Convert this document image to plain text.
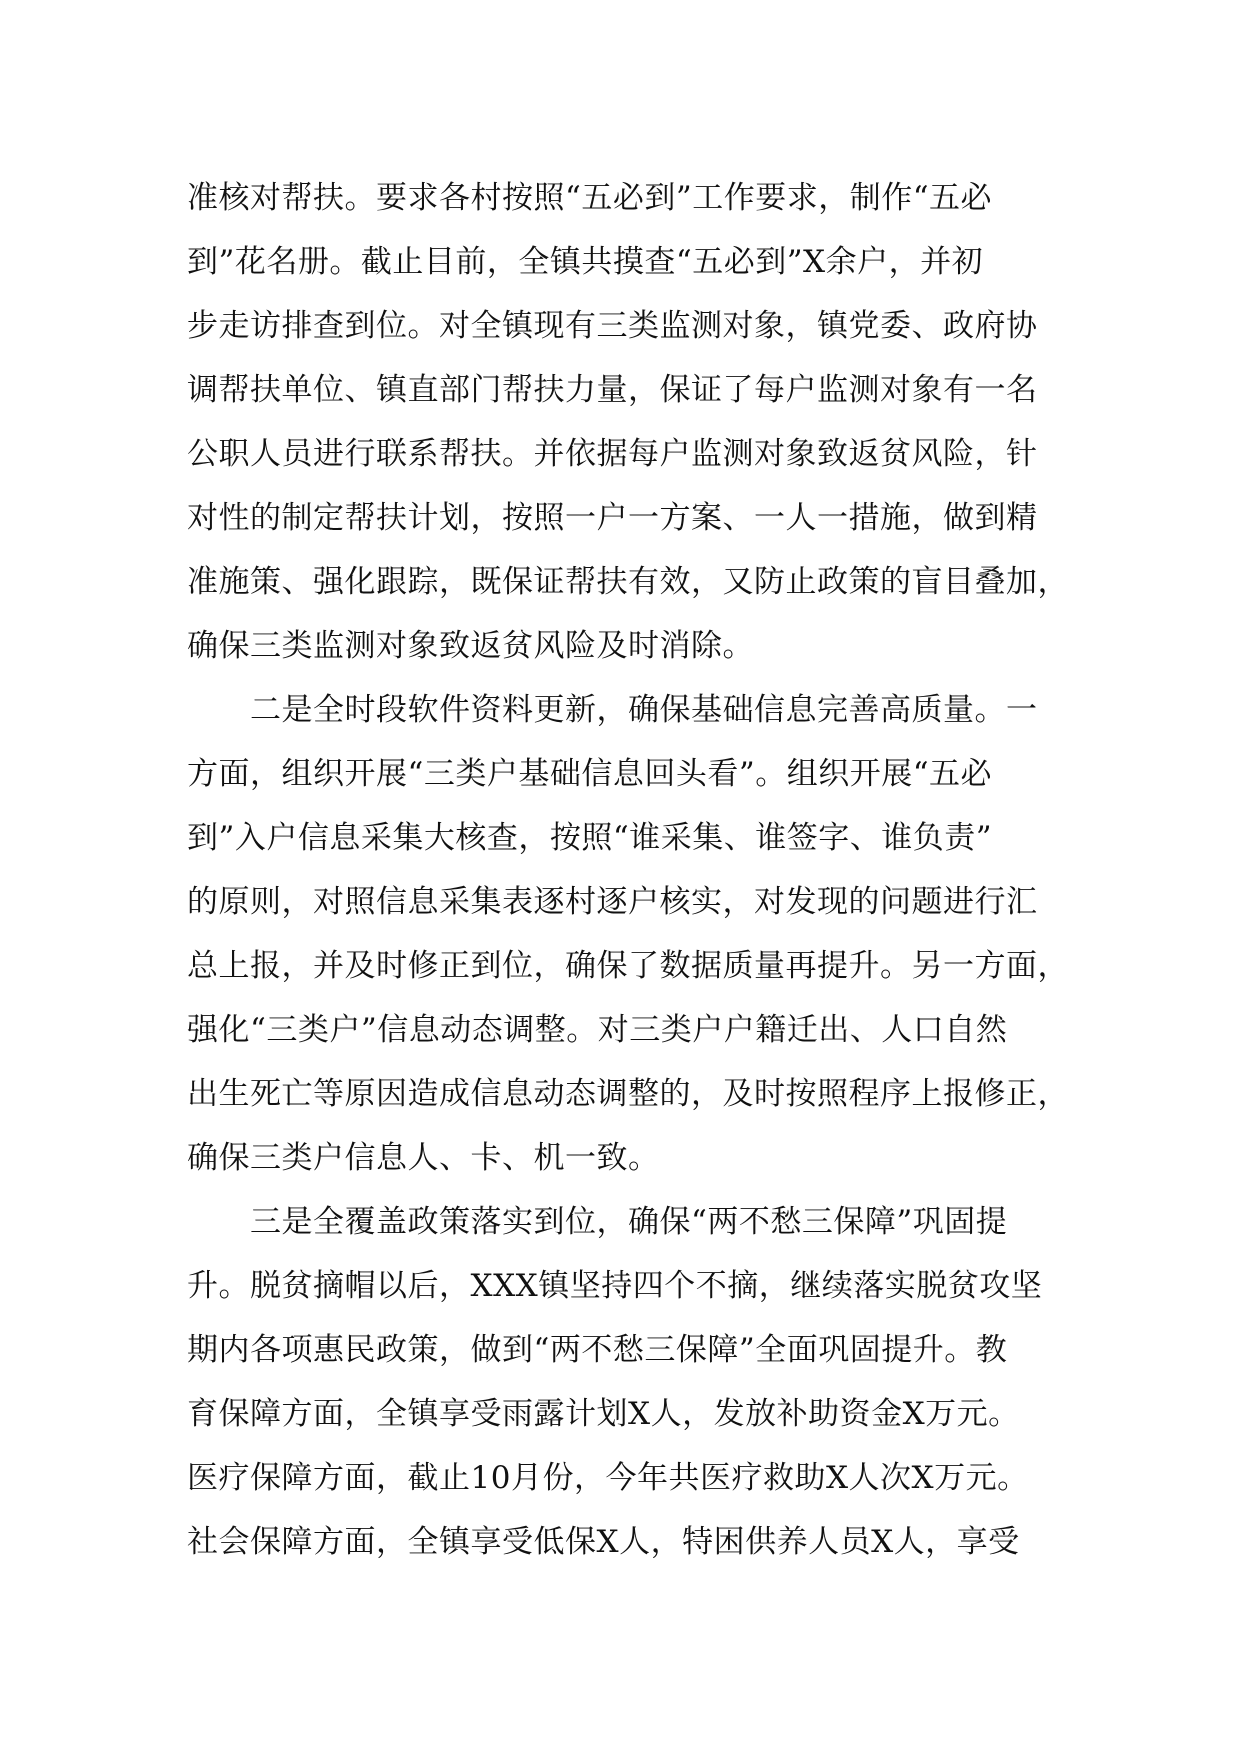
准核对帮扶。要求各村按照“五必到”工作要求，制作“五必
到”花名册。截止目前，全镇共摸查“五必到”X余户，并初
步走访排查到位。对全镇现有三类监测对象，镇党委、政府协
调帮扶单位、镇直部门帮扶力量，保证了每户监测对象有一名
公职人员进行联系帮扶。并依据每户监测对象致返贫风险，针
对性的制定帮扶计划，按照一户一方案、一人一措施，做到精
准施策、强化跟踪，既保证帮扶有效，又防止政策的盲目叠加，
确保三类监测对象致返贫风险及时消除。
二是全时段软件资料更新，确保基础信息完善高质量。一
方面，组织开展“三类户基础信息回头看”。组织开展“五必
到”入户信息采集大核查，按照“谁采集、谁签字、谁负责”
的原则，对照信息采集表逐村逐户核实，对发现的问题进行汇
总上报，并及时修正到位，确保了数据质量再提升。另一方面，
强化“三类户”信息动态调整。对三类户户籍迁出、人口自然
出生死亡等原因造成信息动态调整的，及时按照程序上报修正，
确保三类户信息人、卡、机一致。
三是全覆盖政策落实到位，确保“两不愁三保障”巩固提
升。脱贫摘帽以后，XXX镇坚持四个不摘，继续落实脱贫攻坚
期内各项惠民政策，做到“两不愁三保障”全面巩固提升。教
育保障方面，全镇享受雨露计划X人，发放补助资金X万元。
医疗保障方面，截止10月份，今年共医疗救助X人次X万元。
社会保障方面，全镇享受低保X人，特困供养人员X人，享受
